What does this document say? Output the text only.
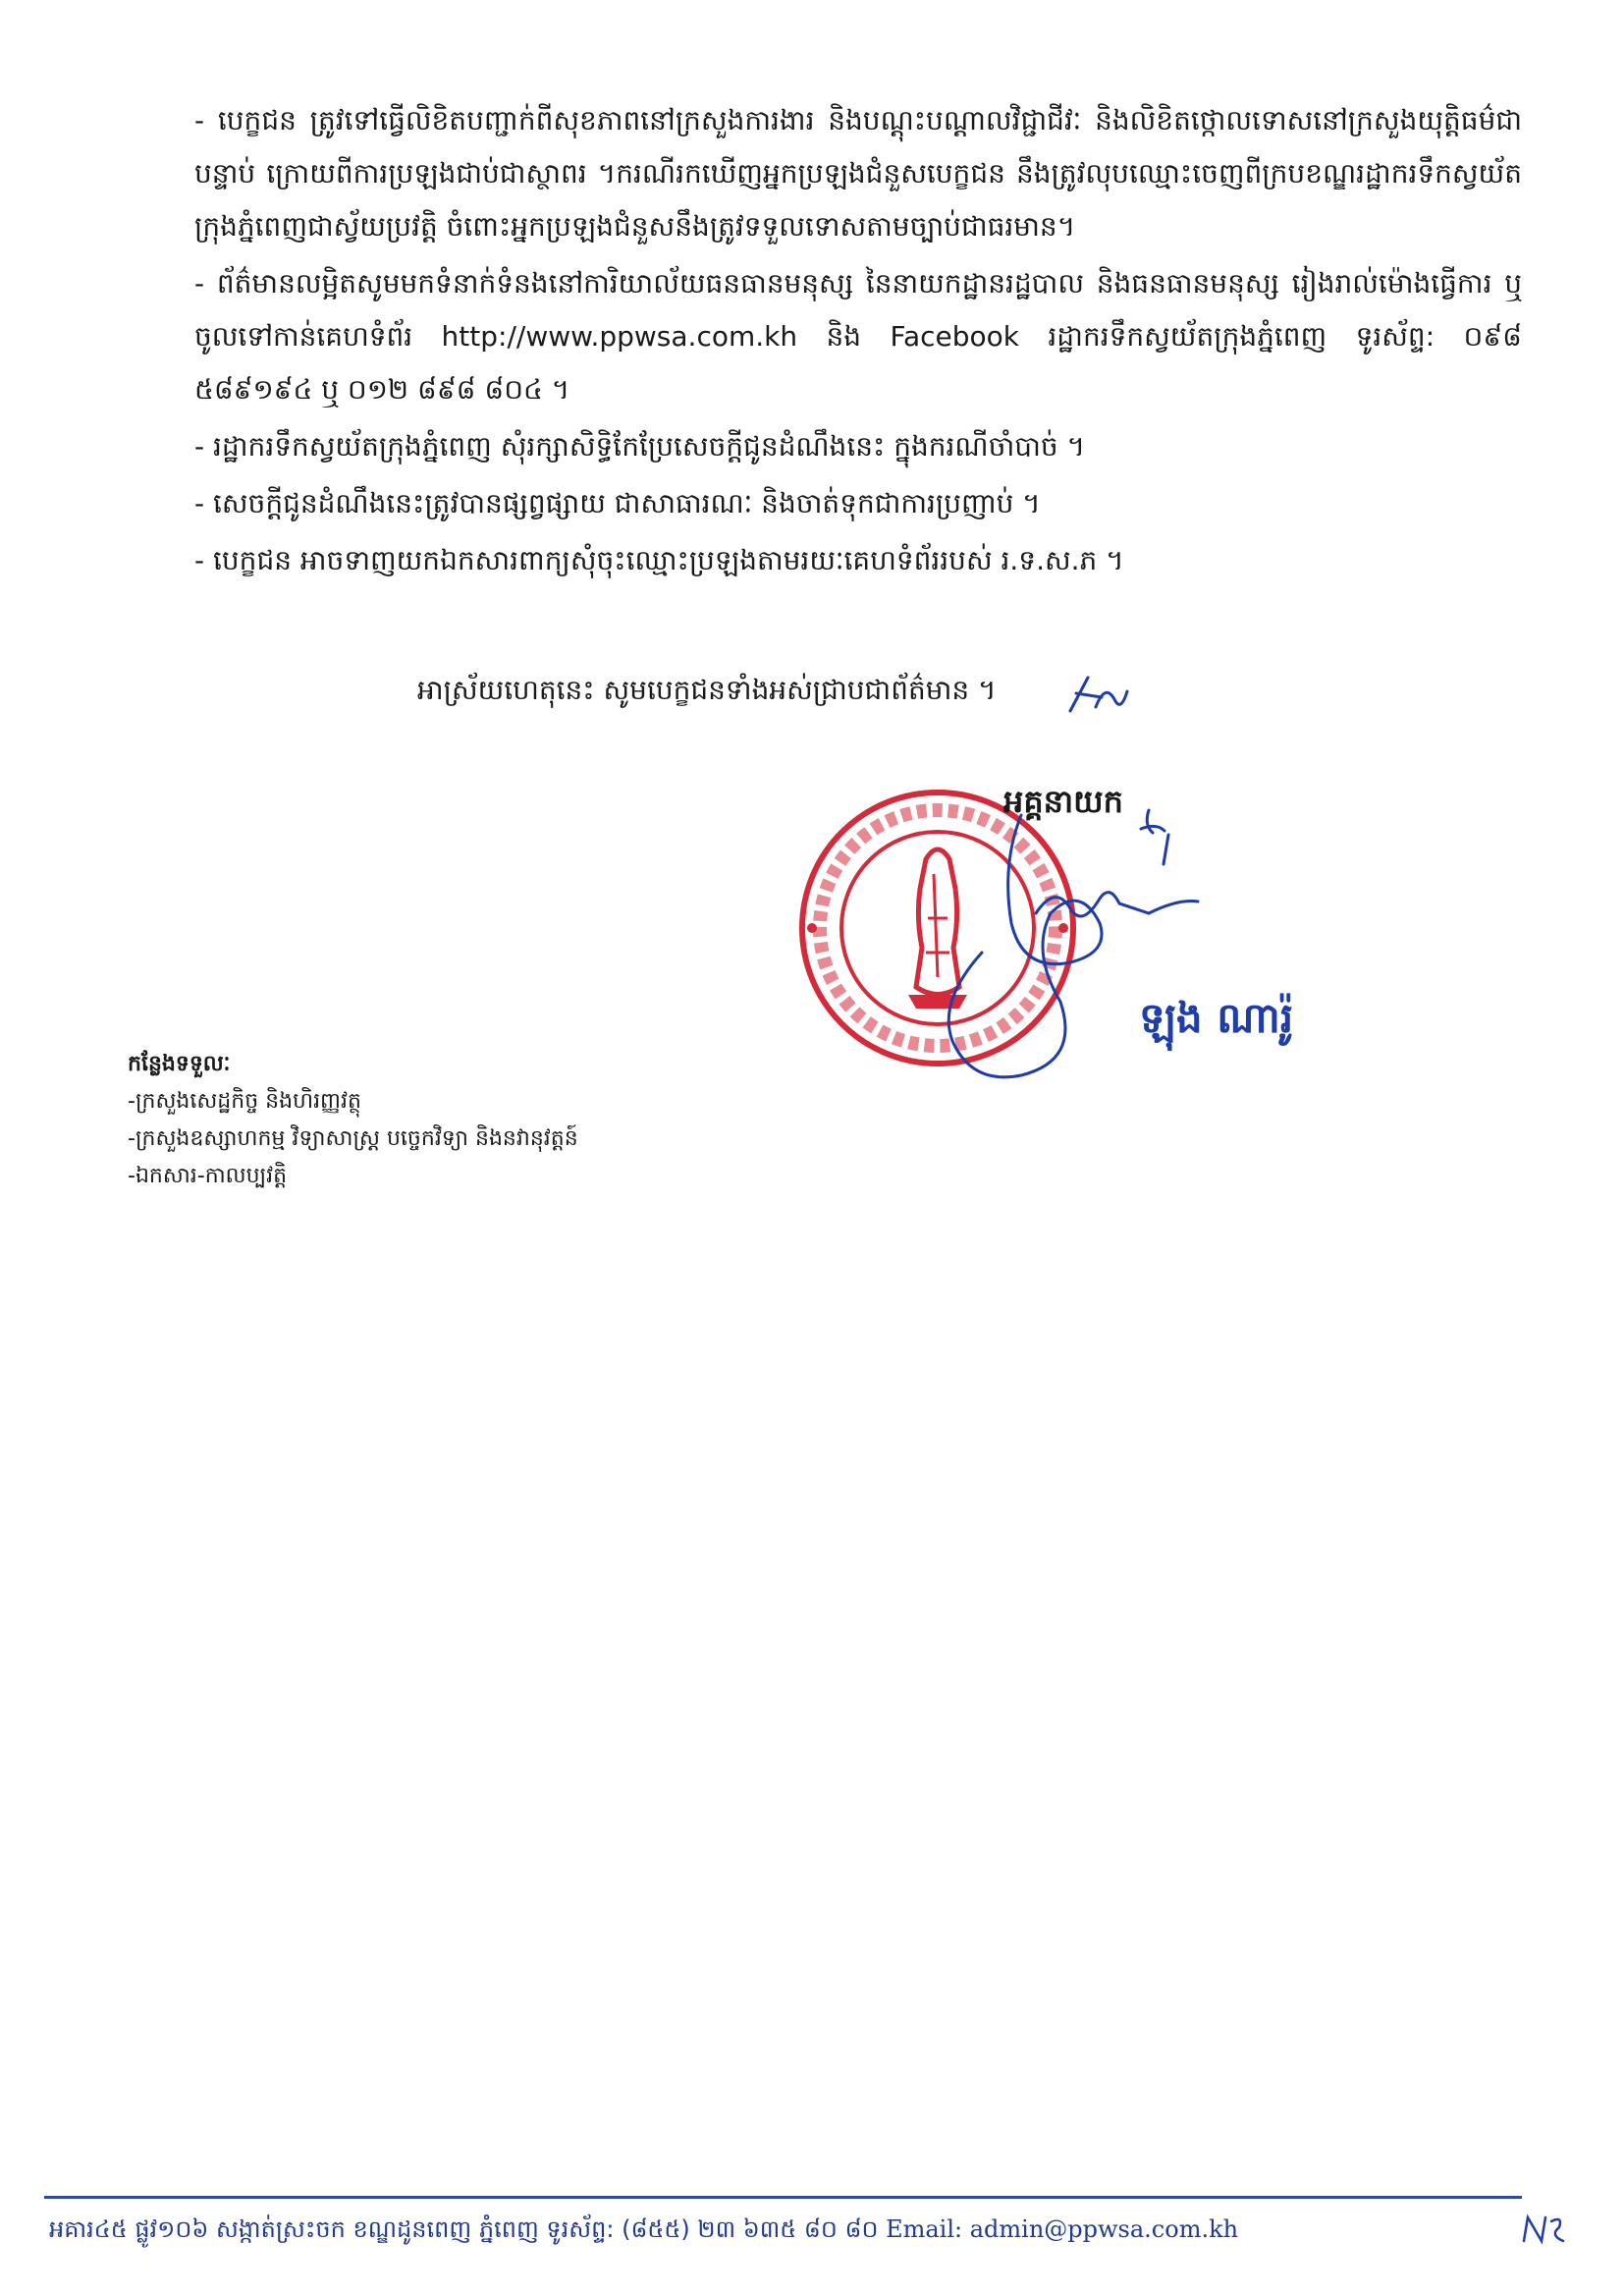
- បេក្ខជន ត្រូវទៅធ្វើលិខិតបញ្ជាក់ពីសុខភាពនៅក្រសួងការងារ និងបណ្តុះបណ្តាលវិជ្ជាជីវៈ និងលិខិតថ្កោលទោសនៅក្រសួងយុត្តិធម៌ជាបន្ទាប់ ក្រោយពីការប្រឡងជាប់ជាស្ថាពរ ។ករណីរកឃើញអ្នកប្រឡងជំនួសបេក្ខជន នឹងត្រូវលុបឈ្មោះចេញពីក្របខណ្ឌរដ្ឋាករទឹកស្វយ័តក្រុងភ្នំពេញជាស្វ័យប្រវត្តិ ចំពោះអ្នកប្រឡងជំនួសនឹងត្រូវទទួលទោសតាមច្បាប់ជាធរមាន។
- ព័ត៌មានលម្អិតសូមមកទំនាក់ទំនងនៅការិយាល័យធនធានមនុស្ស នៃនាយកដ្ឋានរដ្ឋបាល និងធនធានមនុស្ស រៀងរាល់ម៉ោងធ្វើការ ឬចូលទៅកាន់គេហទំព័រ http://www.ppwsa.com.kh និង Facebook រដ្ឋាករទឹកស្វយ័តក្រុងភ្នំពេញ ទូរស័ព្ទ: ០៩៨ ៥៨៩១៩៤ ឬ ០១២ ៨៩៨ ៨០៤ ។
- រដ្ឋាករទឹកស្វយ័តក្រុងភ្នំពេញ សុំរក្សាសិទ្ធិកែប្រែសេចក្តីជូនដំណឹងនេះ ក្នុងករណីចាំបាច់ ។
- សេចក្តីជូនដំណឹងនេះត្រូវបានផ្សព្វផ្សាយ ជាសាធារណៈ និងចាត់ទុកជាការប្រញាប់ ។
- បេក្ខជន អាចទាញយកឯកសារពាក្យសុំចុះឈ្មោះប្រឡងតាមរយៈគេហទំព័ររបស់ រ.ទ.ស.ភ ។
អាស្រ័យហេតុនេះ សូមបេក្ខជនទាំងអស់ជ្រាបជាព័ត៌មាន ។
អគ្គនាយក
ឡុង ណារ៉ូ
កន្លែងទទួលៈ
-ក្រសួងសេដ្ឋកិច្ច និងហិរញ្ញវត្ថុ
-ក្រសួងឧស្សាហកម្ម វិទ្យាសាស្ត្រ បច្ចេកវិទ្យា និងនវានុវត្តន៍
-ឯកសារ-កាលប្បវត្តិ
អគារ៤៥ ផ្លូវ១០៦ សង្កាត់ស្រះចក ខណ្ឌដូនពេញ ភ្នំពេញ ទូរស័ព្ទ: (៨៥៥) ២៣ ៦៣៥ ៨០ ៨០ Email: admin@ppwsa.com.kh
